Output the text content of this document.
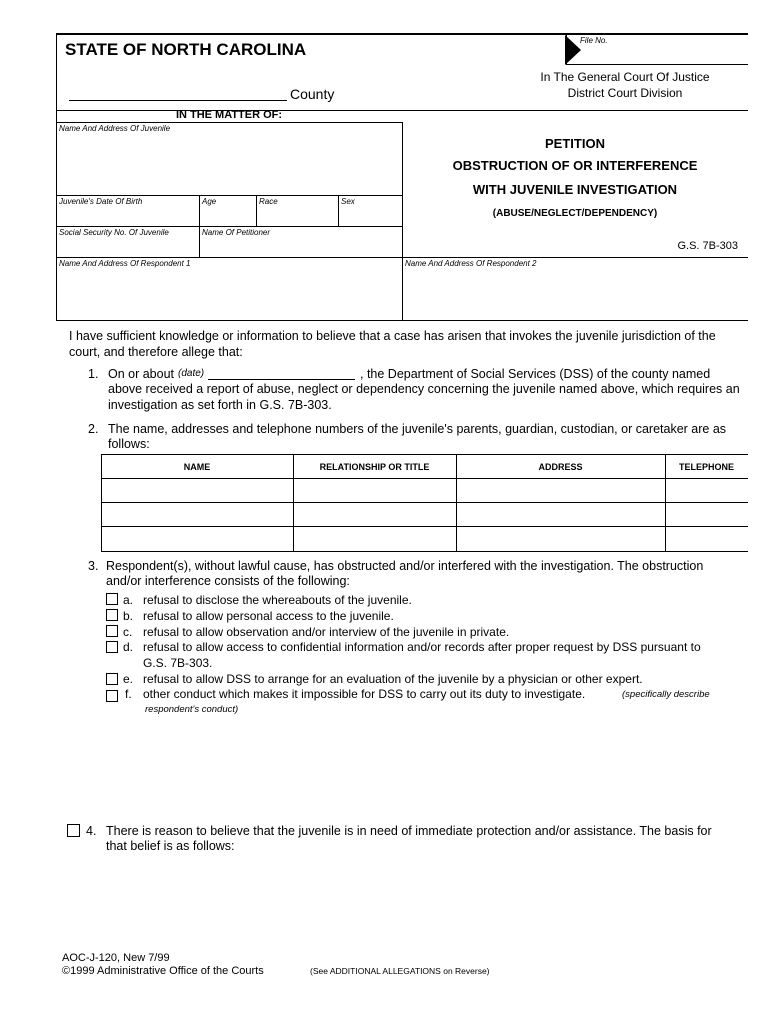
STATE OF NORTH CAROLINA	File No.
County
In The General Court Of Justice
District Court Division
IN THE MATTER OF:
Name And Address Of Juvenile
Juvenile's Date Of Birth	Age	Race	Sex
Social Security No. Of Juvenile	Name Of Petitioner
PETITION
OBSTRUCTION OF OR INTERFERENCE
WITH JUVENILE INVESTIGATION
(ABUSE/NEGLECT/DEPENDENCY)
G.S. 7B-303
Name And Address Of Respondent 1	Name And Address Of Respondent 2
I have sufficient knowledge or information to believe that a case has arisen that invokes the juvenile jurisdiction of the
court, and therefore allege that:
1. On or about (date)	, the Department of Social Services (DSS) of the county named
above received a report of abuse, neglect or dependency concerning the juvenile named above, which requires an
investigation as set forth in G.S. 7B-303.
2. The name, addresses and telephone numbers of the juvenile's parents, guardian, custodian, or caretaker are as
follows:
NAME	RELATIONSHIP OR TITLE	ADDRESS	TELEPHONE
3. Respondent(s), without lawful cause, has obstructed and/or interfered with the investigation. The obstruction
and/or interference consists of the following:
a. refusal to disclose the whereabouts of the juvenile.
b. refusal to allow personal access to the juvenile.
c. refusal to allow observation and/or interview of the juvenile in private.
d. refusal to allow access to confidential information and/or records after proper request by DSS pursuant to
G.S. 7B-303.
e. refusal to allow DSS to arrange for an evaluation of the juvenile by a physician or other expert.
f. other conduct which makes it impossible for DSS to carry out its duty to investigate.	(specifically describe
respondent's conduct)
4. There is reason to believe that the juvenile is in need of immediate protection and/or assistance. The basis for
that belief is as follows:
AOC-J-120, New 7/99
©1999 Administrative Office of the Courts	(See ADDITIONAL ALLEGATIONS on Reverse)
